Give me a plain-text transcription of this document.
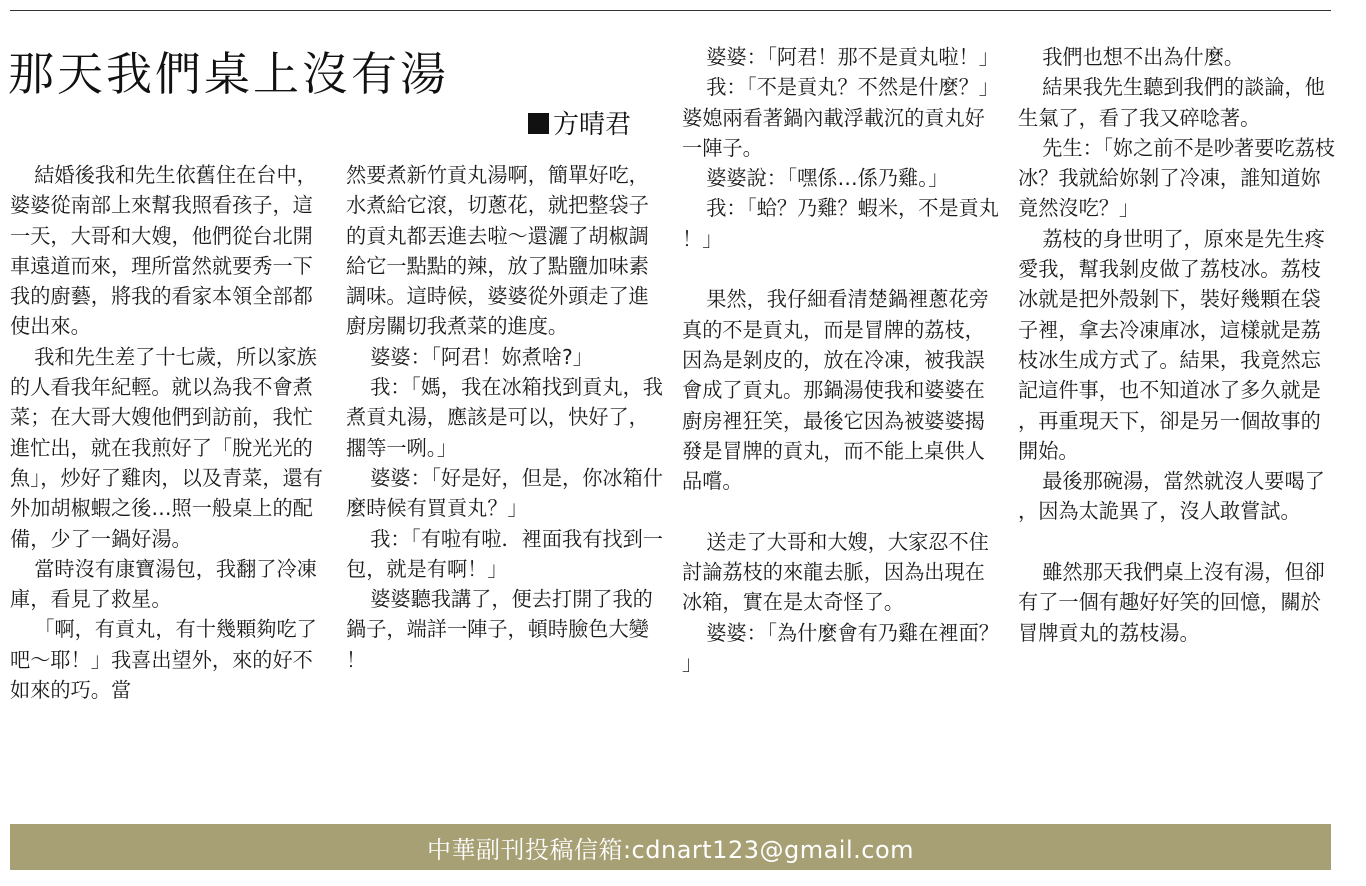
那天我們桌上沒有湯
方晴君

結婚後我和先生依舊住在台中，婆婆從南部上來幫我照看孩子，這一天，大哥和大嫂，他們從台北開車遠道而來，理所當然就要秀一下我的廚藝，將我的看家本領全部都使出來。

我和先生差了十七歲，所以家族的人看我年紀輕。就以為我不會煮菜；在大哥大嫂他們到訪前，我忙進忙出，就在我煎好了「脫光光的魚」，炒好了雞肉，以及青菜，還有外加胡椒蝦之後…照一般桌上的配備，少了一鍋好湯。

當時沒有康寶湯包，我翻了冷凍庫，看見了救星。

「啊，有貢丸，有十幾顆夠吃了吧～耶！」我喜出望外，來的好不如來的巧。當

然要煮新竹貢丸湯啊，簡單好吃，水煮給它滾，切蔥花，就把整袋子的貢丸都丟進去啦～還灑了胡椒調給它一點點的辣，放了點鹽加味素調味。這時候，婆婆從外頭走了進廚房關切我煮菜的進度。

婆婆：「阿君！妳煮啥?」

我：「媽，我在冰箱找到貢丸，我煮貢丸湯，應該是可以，快好了，擱等一咧。」

婆婆：「好是好，但是，你冰箱什麼時候有買貢丸？」

我：「有啦有啦．裡面我有找到一包，就是有啊！」

婆婆聽我講了，便去打開了我的鍋子，端詳一陣子，頓時臉色大變！

婆婆：「阿君！那不是貢丸啦！」

我：「不是貢丸？不然是什麼？」婆媳兩看著鍋內載浮載沉的貢丸好一陣子。

婆婆說：「嘿係…係乃雞。」

我：「蛤？乃雞？蝦米，不是貢丸！」

果然，我仔細看清楚鍋裡蔥花旁真的不是貢丸，而是冒牌的荔枝，因為是剝皮的，放在冷凍，被我誤會成了貢丸。那鍋湯使我和婆婆在廚房裡狂笑，最後它因為被婆婆揭發是冒牌的貢丸，而不能上桌供人品嚐。

送走了大哥和大嫂，大家忍不住討論荔枝的來龍去脈，因為出現在冰箱，實在是太奇怪了。

婆婆：「為什麼會有乃雞在裡面？」

我們也想不出為什麼。

結果我先生聽到我們的談論，他生氣了，看了我又碎唸著。

先生：「妳之前不是吵著要吃荔枝冰？我就給妳剝了冷凍，誰知道妳竟然沒吃？」

荔枝的身世明了，原來是先生疼愛我，幫我剝皮做了荔枝冰。荔枝冰就是把外殼剝下，裝好幾顆在袋子裡，拿去冷凍庫冰，這樣就是荔枝冰生成方式了。結果，我竟然忘記這件事，也不知道冰了多久就是，再重現天下，卻是另一個故事的開始。

最後那碗湯，當然就沒人要喝了，因為太詭異了，沒人敢嘗試。

雖然那天我們桌上沒有湯，但卻有了一個有趣好好笑的回憶，關於冒牌貢丸的荔枝湯。

中華副刊投稿信箱:cdnart123@gmail.com
